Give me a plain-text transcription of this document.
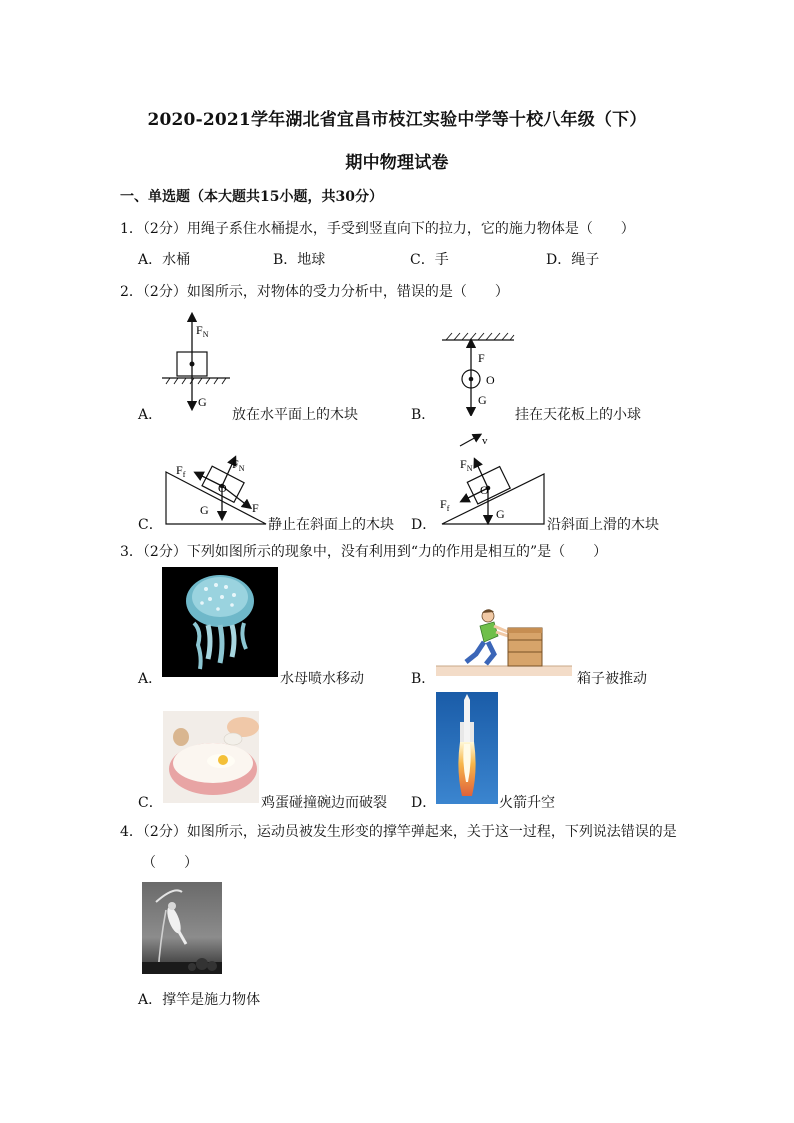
2020-2021学年湖北省宜昌市枝江实验中学等十校八年级（下）
期中物理试卷
一、单选题（本大题共15小题，共30分）
1．（2分）用绳子系住水桶提水，手受到竖直向下的拉力，它的施力物体是（　　）
A．水桶	B．地球	C．手	D．绳子
2．（2分）如图所示，对物体的受力分析中，错误的是（　　）
A．
$F_N$
G
放在水平面上的木块	B．
F
O
G
挂在天花板上的小球
C．
$F_N$
$F_f$
O
G	F
静止在斜面上的木块 D．
v
$F_N$
$F_f$
O
G
沿斜面上滑的木块
3．（2分）下列如图所示的现象中，没有利用到“力的作用是相互的”是（　　）
A．	水母喷水移动	B．	箱子被推动
C．	鸡蛋碰撞碗边而破裂 D．	火箭升空
4．（2分）如图所示，运动员被发生形变的撑竿弹起来，关于这一过程，下列说法错误的是
（　　）
A．撑竿是施力物体
